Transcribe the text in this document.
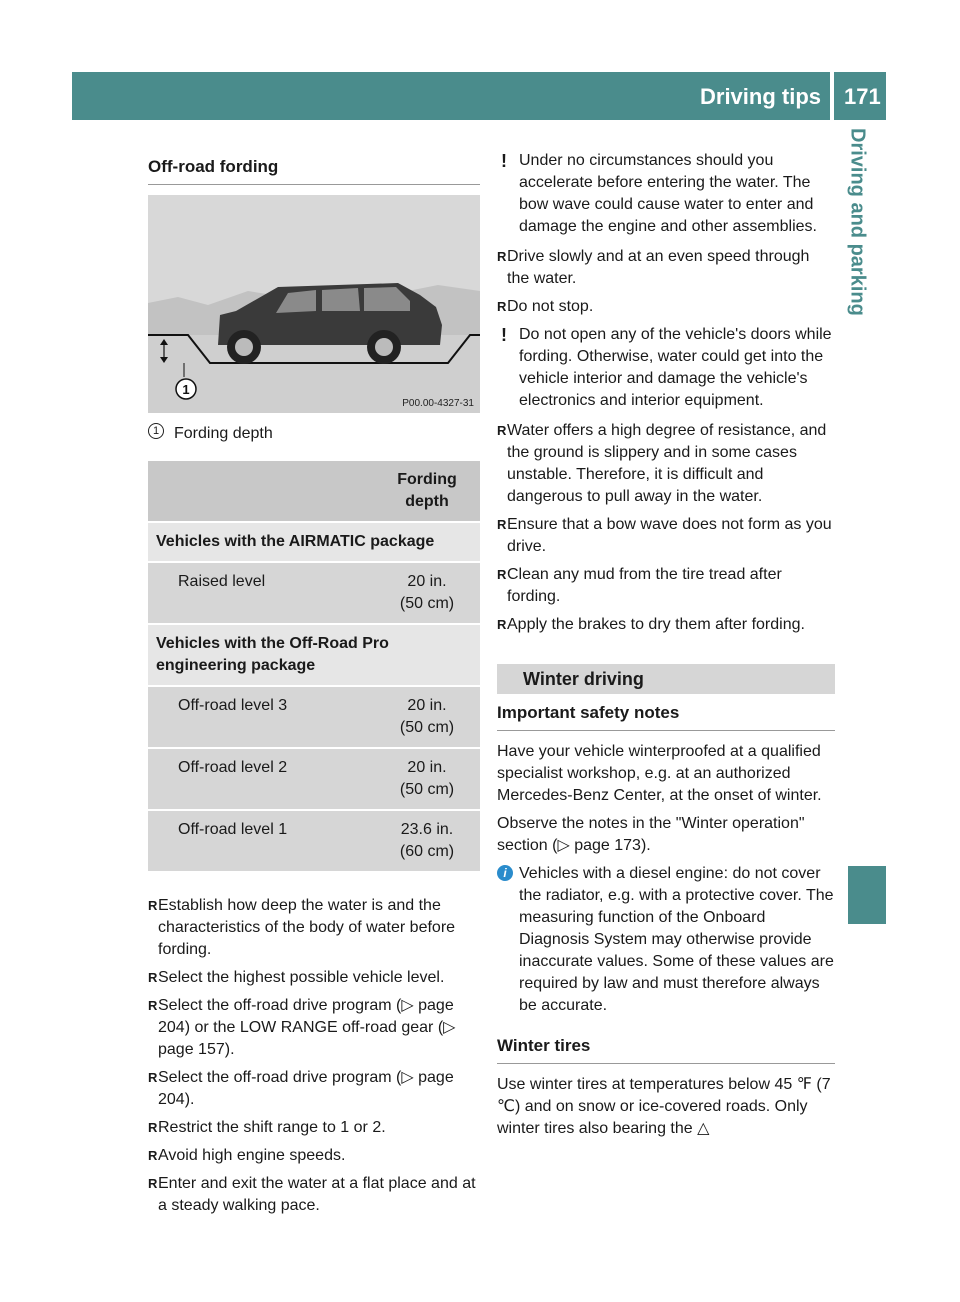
Driving tips 171
Driving and parking
Off-road fording
1
P00.00-4327-31
1 Fording depth
	Fording depth
Vehicles with the AIRMATIC package	
Raised level	20 in.
(50 cm)

Vehicles with the Off-Road Pro engineering package	
Off-road level 3	20 in.
(50 cm)

Off-road level 2	20 in.
(50 cm)

Off-road level 1	23.6 in.
(60 cm)
R Establish how deep the water is and the characteristics of the body of water before fording.
R Select the highest possible vehicle level.
R Select the off-road drive program (▷ page 204) or the LOW RANGE off-road gear (▷ page 157).
R Select the off-road drive program (▷ page 204).
R Restrict the shift range to 1 or 2.
R Avoid high engine speeds.
R Enter and exit the water at a flat place and at a steady walking pace.
! Under no circumstances should you accelerate before entering the water. The bow wave could cause water to enter and damage the engine and other assemblies.
R Drive slowly and at an even speed through the water.
R Do not stop.
! Do not open any of the vehicle's doors while fording. Otherwise, water could get into the vehicle interior and damage the vehicle's electronics and interior equipment.
R Water offers a high degree of resistance, and the ground is slippery and in some cases unstable. Therefore, it is difficult and dangerous to pull away in the water.
R Ensure that a bow wave does not form as you drive.
R Clean any mud from the tire tread after fording.
R Apply the brakes to dry them after fording.
Winter driving
Important safety notes
Have your vehicle winterproofed at a qualified specialist workshop, e.g. at an authorized Mercedes-Benz Center, at the onset of winter.
Observe the notes in the "Winter operation" section (▷ page 173).
i Vehicles with a diesel engine: do not cover the radiator, e.g. with a protective cover. The measuring function of the Onboard Diagnosis System may otherwise provide inaccurate values. Some of these values are required by law and must therefore always be accurate.
Winter tires
Use winter tires at temperatures below 45 ℉ (7 ℃) and on snow or ice-covered roads. Only winter tires also bearing the △
